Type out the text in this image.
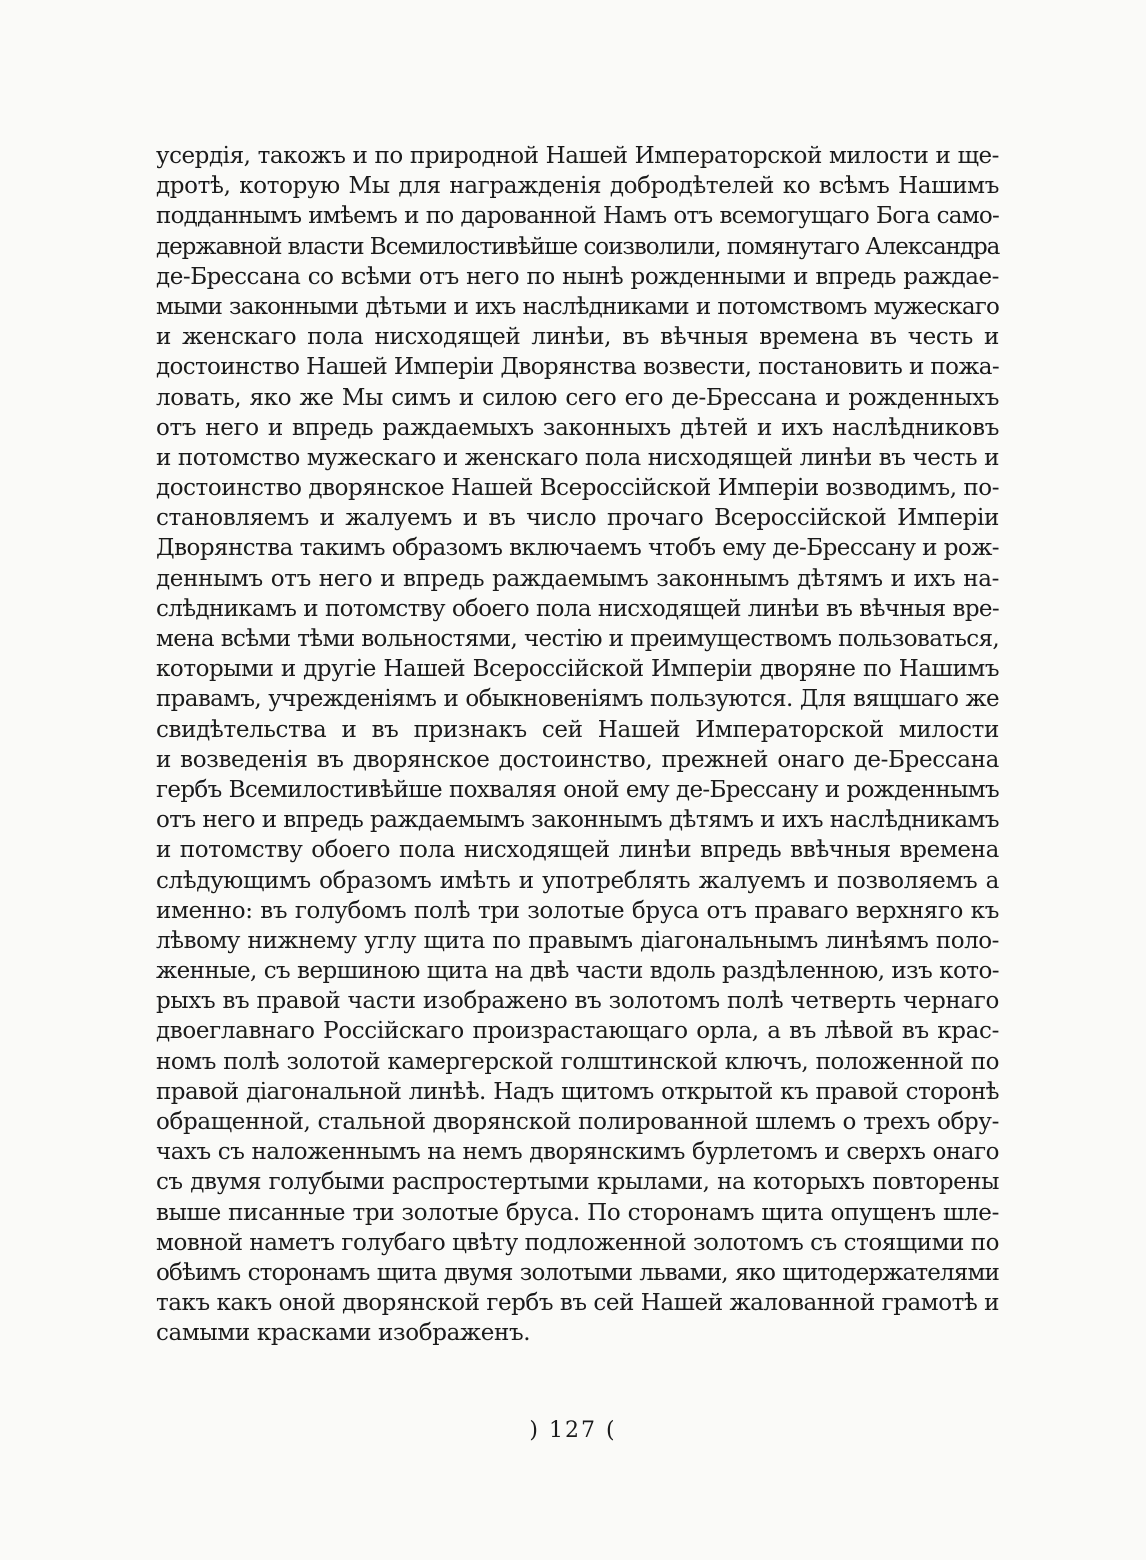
усердія, такожъ и по природной Нашей Императорской милости и ще-
дротѣ, которую Мы для награжденія добродѣтелей ко всѣмъ Нашимъ
подданнымъ имѣемъ и по дарованной Намъ отъ всемогущаго Бога само-
державной власти Всемилостивѣйше соизволили, помянутаго Александра
де-Брессана со всѣми отъ него по нынѣ рожденными и впредь раждае-
мыми законными дѣтьми и ихъ наслѣдниками и потомствомъ мужескаго
и женскаго пола нисходящей линѣи, въ вѣчныя времена въ честь и
достоинство Нашей Имперіи Дворянства возвести, постановить и пожа-
ловать, яко же Мы симъ и силою сего его де-Брессана и рожденныхъ
отъ него и впредь раждаемыхъ законныхъ дѣтей и ихъ наслѣдниковъ
и потомство мужескаго и женскаго пола нисходящей линѣи въ честь и
достоинство дворянское Нашей Всероссійской Имперіи возводимъ, по-
становляемъ и жалуемъ и въ число прочаго Всероссійской Имперіи
Дворянства такимъ образомъ включаемъ чтобъ ему де-Брессану и рож-
деннымъ отъ него и впредь раждаемымъ законнымъ дѣтямъ и ихъ на-
слѣдникамъ и потомству обоего пола нисходящей линѣи въ вѣчныя вре-
мена всѣми тѣми вольностями, честію и преимуществомъ пользоваться,
которыми и другіе Нашей Всероссійской Имперіи дворяне по Нашимъ
правамъ, учрежденіямъ и обыкновеніямъ пользуются. Для вящшаго же
свидѣтельства и въ признакъ сей Нашей Императорской милости
и возведенія въ дворянское достоинство, прежней онаго де-Брессана
гербъ Всемилостивѣйше похваляя оной ему де-Брессану и рожденнымъ
отъ него и впредь раждаемымъ законнымъ дѣтямъ и ихъ наслѣдникамъ
и потомству обоего пола нисходящей линѣи впредь ввѣчныя времена
слѣдующимъ образомъ имѣть и употреблять жалуемъ и позволяемъ а
именно: въ голубомъ полѣ три золотые бруса отъ праваго верхняго къ
лѣвому нижнему углу щита по правымъ діагональнымъ линѣямъ поло-
женные, съ вершиною щита на двѣ части вдоль раздѣленною, изъ кото-
рыхъ въ правой части изображено въ золотомъ полѣ четверть чернаго
двоеглавнаго Россійскаго произрастающаго орла, а въ лѣвой въ крас-
номъ полѣ золотой камергерской голштинской ключъ, положенной по
правой діагональной линѣѣ. Надъ щитомъ открытой къ правой сторонѣ
обращенной, стальной дворянской полированной шлемъ о трехъ обру-
чахъ съ наложеннымъ на немъ дворянскимъ бурлетомъ и сверхъ онаго
съ двумя голубыми распростертыми крылами, на которыхъ повторены
выше писанные три золотые бруса. По сторонамъ щита опущенъ шле-
мовной наметъ голубаго цвѣту подложенной золотомъ съ стоящими по
обѣимъ сторонамъ щита двумя золотыми львами, яко щитодержателями
такъ какъ оной дворянской гербъ въ сей Нашей жалованной грамотѣ и
самыми красками изображенъ.
) 127 (
